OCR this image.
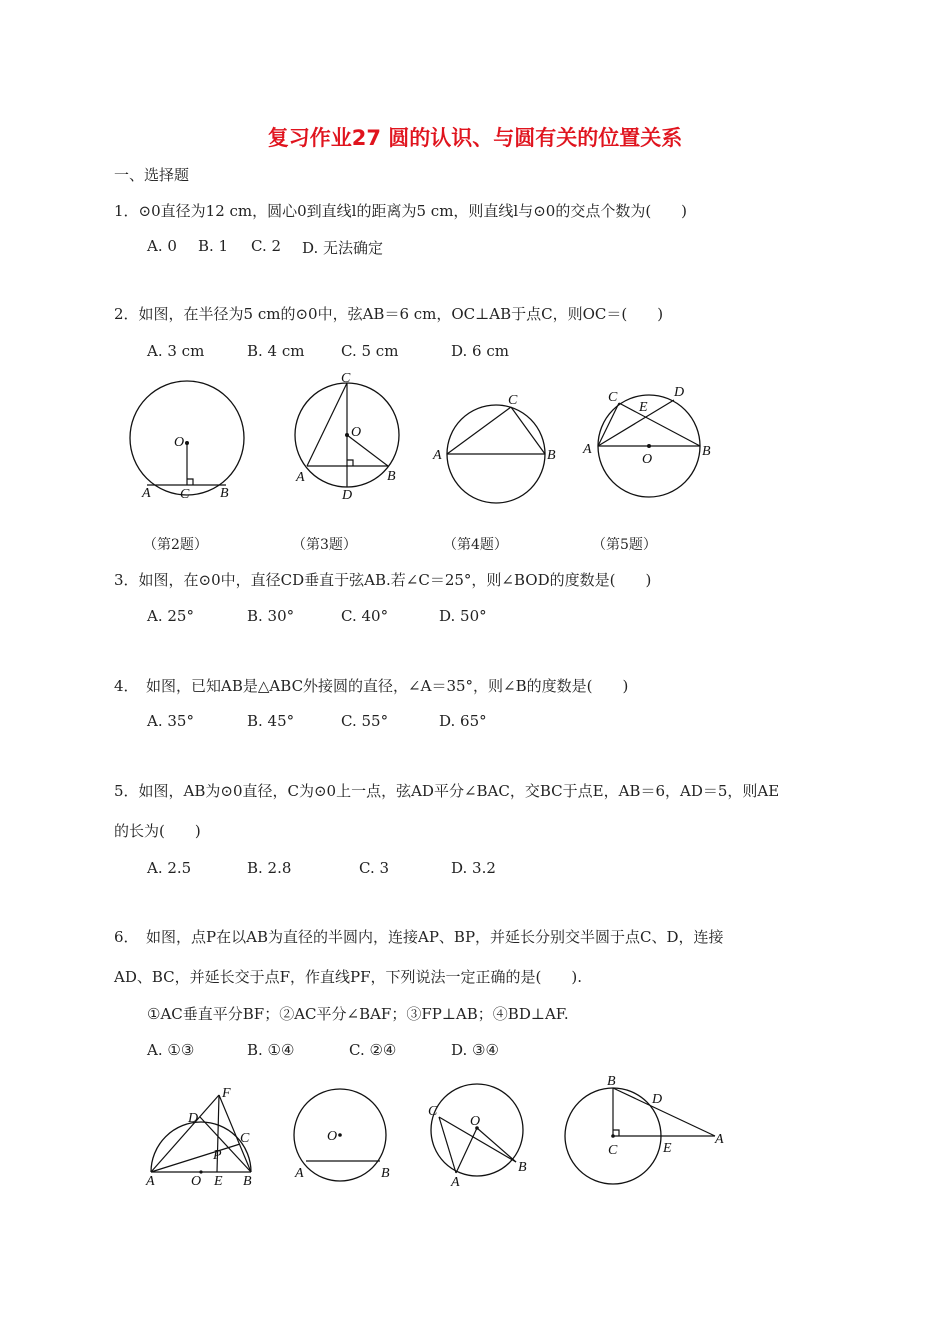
复习作业27 圆的认识、与圆有关的位置关系
一、选择题
1．⊙0直径为12 cm，圆心0到直线l的距离为5 cm，则直线l与⊙0的交点个数为(　　)
A. 0 B. 1 C. 2 D. 无法确定
2．如图，在半径为5 cm的⊙0中，弦AB＝6 cm，OC⊥AB于点C，则OC＝(　　)
A. 3 cm	B. 4 cm C. 5 cm	D. 6 cm
O
A C B
C
O
A	B
D
C
A	B
C	D
E
A
O
B
（第2题）	（第3题）	（第4题）	（第5题）
3．如图，在⊙0中，直径CD垂直于弦AB.若∠C＝25°，则∠BOD的度数是(　　)
A. 25°	B. 30°	C. 40°	D. 50°
4．　如图，已知AB是△ABC外接圆的直径，∠A＝35°，则∠B的度数是(　　)
A. 35°	B. 45°	C. 55°	D. 65°
5．如图，AB为⊙0直径，C为⊙0上一点，弦AD平分∠BAC，交BC于点E，AB＝6，AD＝5，则AE
的长为(　　)
A. 2.5	B. 2.8	C. 3	D. 3.2
6．　如图，点P在以AB为直径的半圆内，连接AP、BP，并延长分别交半圆于点C、D，连接
AD、BC，并延长交于点F，作直线PF，下列说法一定正确的是(　　).
①AC垂直平分BF；②AC平分∠BAF；③FP⊥AB；④BD⊥AF.
A. ①③	B. ①④	C. ②④	D. ③④
F
D
C
P
A	O E B
O
A	B
C
O
A
B
B
D
C	E
A
